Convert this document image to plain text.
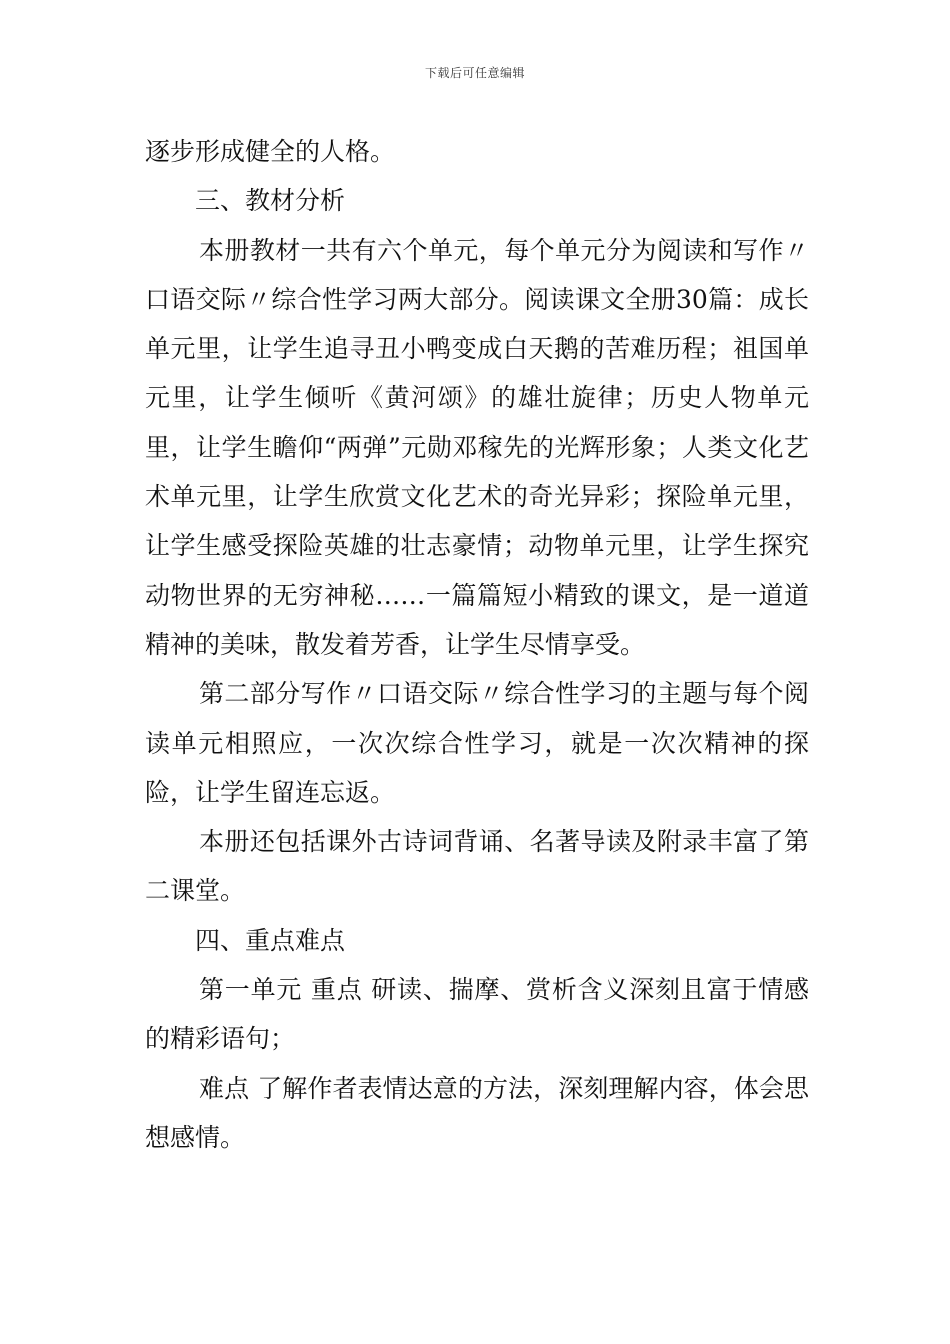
下载后可任意编辑

逐步形成健全的人格。

三、教材分析

本册教材一共有六个单元，每个单元分为阅读和写作〃口语交际〃综合性学习两大部分。阅读课文全册30篇：成长单元里，让学生追寻丑小鸭变成白天鹅的苦难历程；祖国单元里，让学生倾听《黄河颂》的雄壮旋律；历史人物单元里，让学生瞻仰“两弹”元勋邓稼先的光辉形象；人类文化艺术单元里，让学生欣赏文化艺术的奇光异彩；探险单元里，让学生感受探险英雄的壮志豪情；动物单元里，让学生探究动物世界的无穷神秘……一篇篇短小精致的课文，是一道道精神的美味，散发着芳香，让学生尽情享受。

第二部分写作〃口语交际〃综合性学习的主题与每个阅读单元相照应，一次次综合性学习，就是一次次精神的探险，让学生留连忘返。

本册还包括课外古诗词背诵、名著导读及附录丰富了第二课堂。

四、重点难点

第一单元 重点 研读、揣摩、赏析含义深刻且富于情感的精彩语句；

难点 了解作者表情达意的方法，深刻理解内容，体会思想感情。
